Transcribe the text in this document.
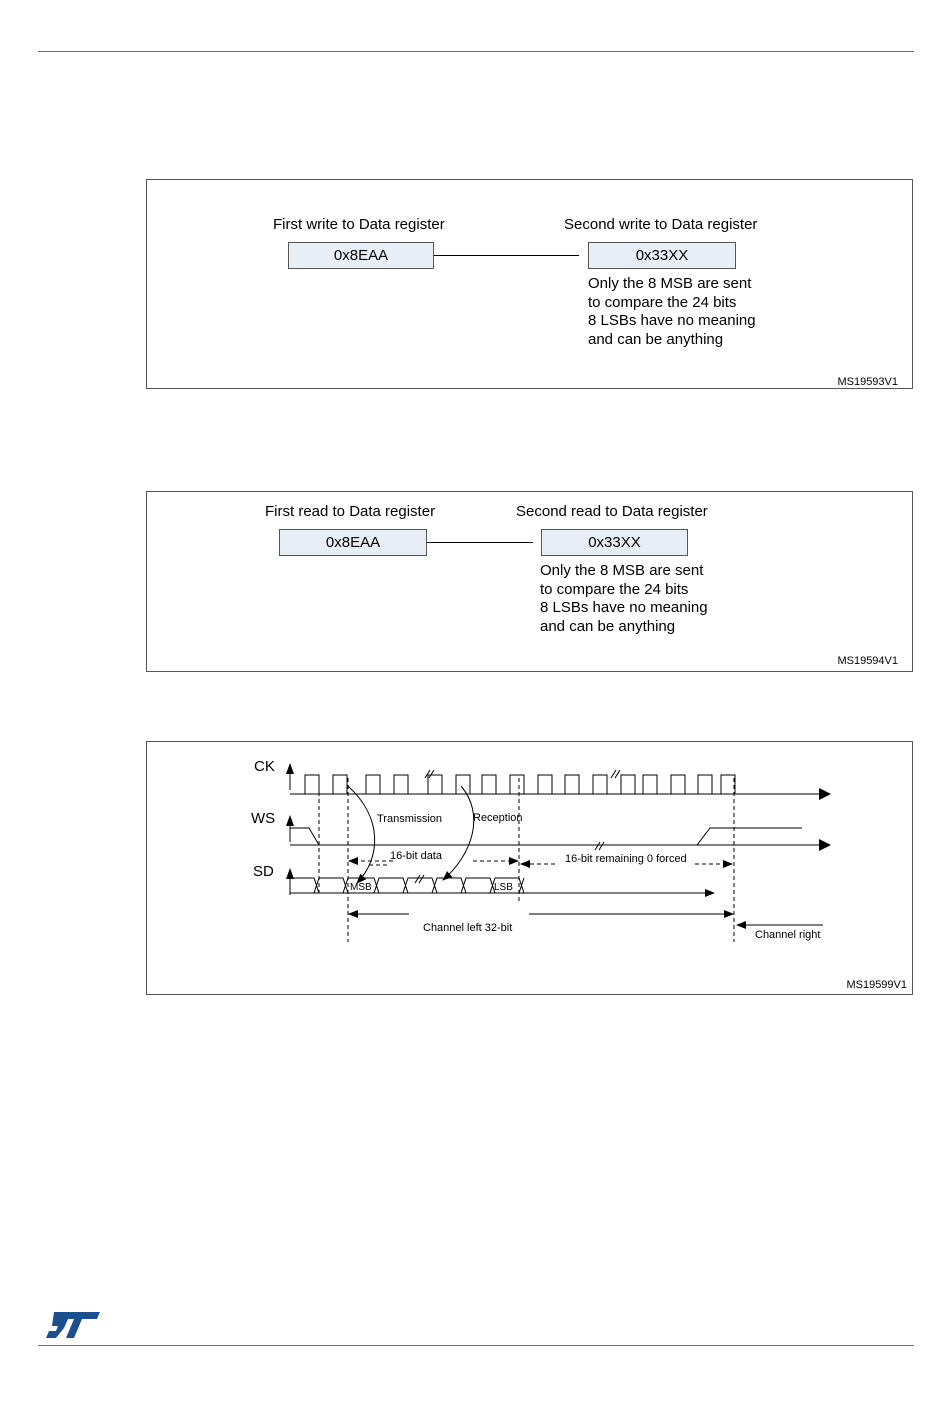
First write to Data register
0x8EAA
Second write to Data register
0x33XX
Only the 8 MSB are sent
to compare the 24 bits
8 LSBs have no meaning
and can be anything
MS19593V1
First read to Data register
0x8EAA
Second read to Data register
0x33XX
Only the 8 MSB are sent
to compare the 24 bits
8 LSBs have no meaning
and can be anything
MS19594V1
CK
WS
SD
Transmission	Reception
16-bit data	16-bit remaining 0 forced
MSB	LSB
Channel left 32-bit
Channel right
MS19599V1
